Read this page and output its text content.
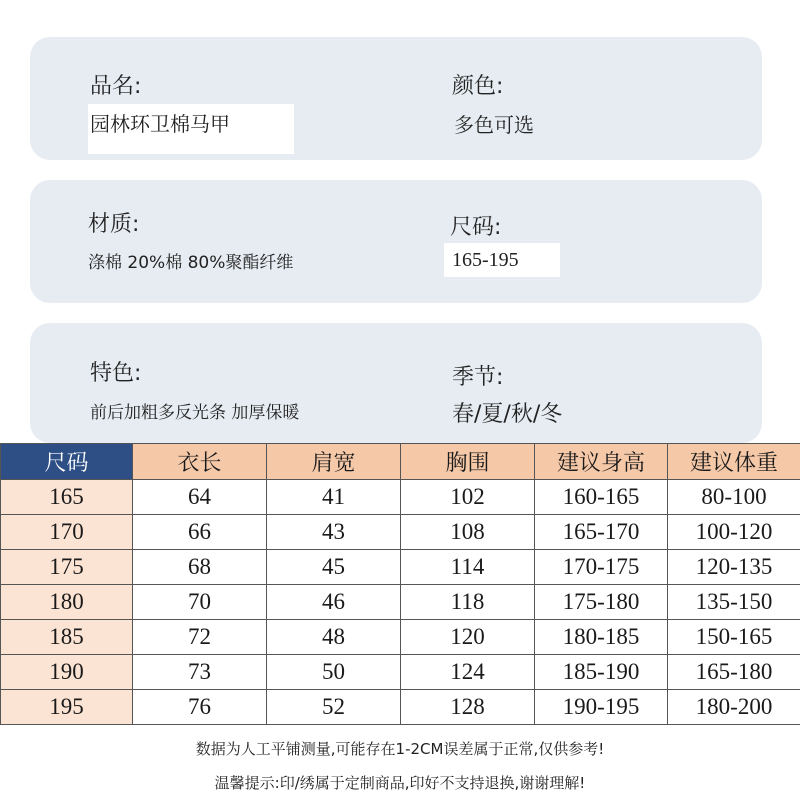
品名:
园林环卫棉马甲
颜色:
多色可选
材质:
涤棉 20%棉 80%聚酯纤维
尺码:
165-195
特色:
前后加粗多反光条 加厚保暖
季节:
春/夏/秋/冬
尺码	衣长	肩宽	胸围	建议身高	建议体重
165	64	41	102	160-165	80-100
170	66	43	108	165-170	100-120
175	68	45	114	170-175	120-135
180	70	46	118	175-180	135-150
185	72	48	120	180-185	150-165
190	73	50	124	185-190	165-180
195	76	52	128	190-195	180-200
数据为人工平铺测量,可能存在1-2CM误差属于正常,仅供参考!
温馨提示:印/绣属于定制商品,印好不支持退换,谢谢理解!
